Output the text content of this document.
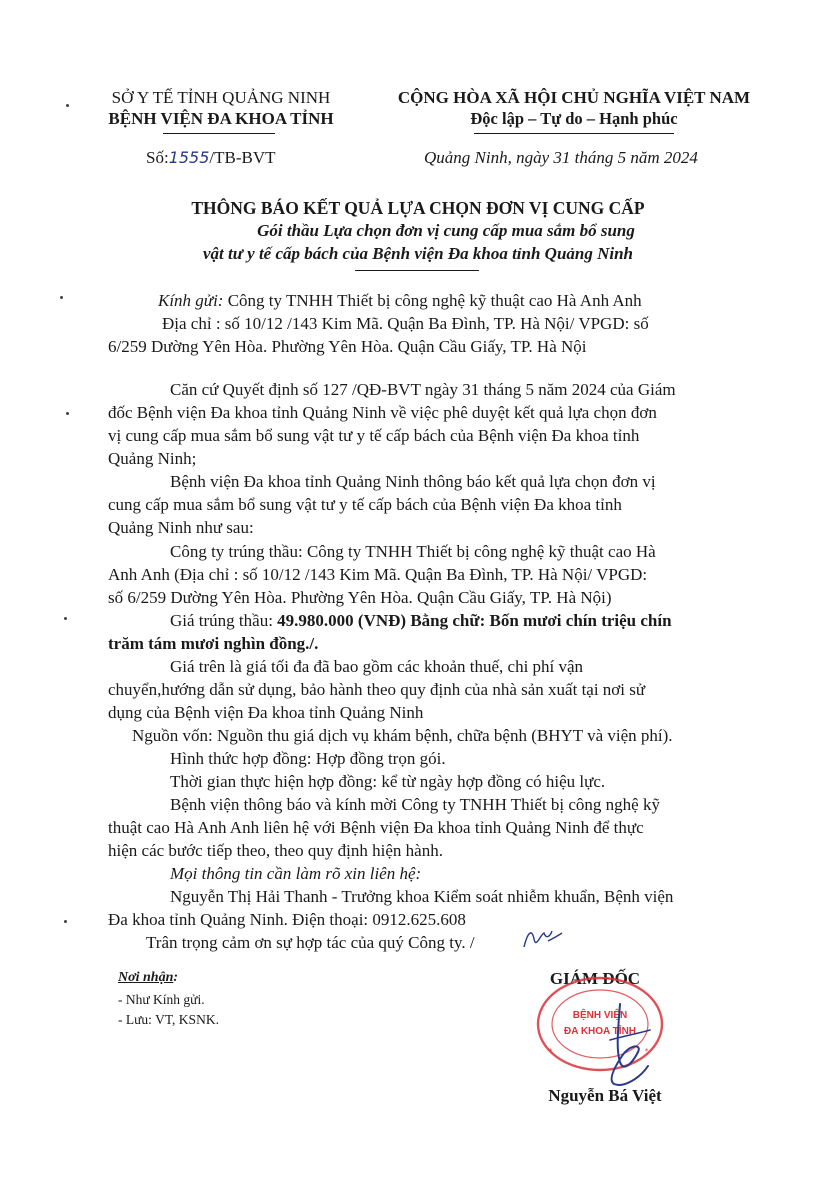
SỞ Y TẾ TỈNH QUẢNG NINH
BỆNH VIỆN ĐA KHOA TỈNH
Số:1555/TB-BVT
CỘNG HÒA XÃ HỘI CHỦ NGHĨA VIỆT NAM
Độc lập – Tự do – Hạnh phúc
Quảng Ninh, ngày 31 tháng 5 năm 2024
THÔNG BÁO KẾT QUẢ LỰA CHỌN ĐƠN VỊ CUNG CẤP
Gói thầu Lựa chọn đơn vị cung cấp mua sắm bổ sung
vật tư y tế cấp bách của Bệnh viện Đa khoa tỉnh Quảng Ninh
Kính gửi: Công ty TNHH Thiết bị công nghệ kỹ thuật cao Hà Anh Anh
Địa chỉ : số 10/12 /143 Kim Mã. Quận Ba Đình, TP. Hà Nội/ VPGD: số
6/259 Dường Yên Hòa. Phường Yên Hòa. Quận Cầu Giấy, TP. Hà Nội
Căn cứ Quyết định số 127 /QĐ-BVT ngày 31 tháng 5 năm 2024 của Giám
đốc Bệnh viện Đa khoa tỉnh Quảng Ninh về việc phê duyệt kết quả lựa chọn đơn
vị cung cấp mua sắm bổ sung vật tư y tế cấp bách của Bệnh viện Đa khoa tỉnh
Quảng Ninh;
Bệnh viện Đa khoa tỉnh Quảng Ninh thông báo kết quả lựa chọn đơn vị
cung cấp mua sắm bổ sung vật tư y tế cấp bách của Bệnh viện Đa khoa tỉnh
Quảng Ninh như sau:
Công ty trúng thầu: Công ty TNHH Thiết bị công nghệ kỹ thuật cao Hà
Anh Anh (Địa chỉ : số 10/12 /143 Kim Mã. Quận Ba Đình, TP. Hà Nội/ VPGD:
số 6/259 Dường Yên Hòa. Phường Yên Hòa. Quận Cầu Giấy, TP. Hà Nội)
Giá trúng thầu: 49.980.000 (VNĐ) Bằng chữ: Bốn mươi chín triệu chín
trăm tám mươi nghìn đồng./.
Giá trên là giá tối đa đã bao gồm các khoản thuế, chi phí vận
chuyển,hướng dẫn sử dụng, bảo hành theo quy định của nhà sản xuất tại nơi sử
dụng của Bệnh viện Đa khoa tỉnh Quảng Ninh
Nguồn vốn: Nguồn thu giá dịch vụ khám bệnh, chữa bệnh (BHYT và viện phí).
Hình thức hợp đồng: Hợp đồng trọn gói.
Thời gian thực hiện hợp đồng: kể từ ngày hợp đồng có hiệu lực.
Bệnh viện thông báo và kính mời Công ty TNHH Thiết bị công nghệ kỹ
thuật cao Hà Anh Anh liên hệ với Bệnh viện Đa khoa tỉnh Quảng Ninh để thực
hiện các bước tiếp theo, theo quy định hiện hành.
Mọi thông tin cần làm rõ xin liên hệ:
Nguyễn Thị Hải Thanh - Trưởng khoa Kiểm soát nhiễm khuẩn, Bệnh viện
Đa khoa tỉnh Quảng Ninh. Điện thoại: 0912.625.608
Trân trọng cảm ơn sự hợp tác của quý Công ty. /
Nơi nhận:
- Như Kính gửi.
- Lưu: VT, KSNK.
GIÁM ĐỐC
BỆNH VIỆN
ĐA KHOA TỈNH
✶	✶
Nguyễn Bá Việt
